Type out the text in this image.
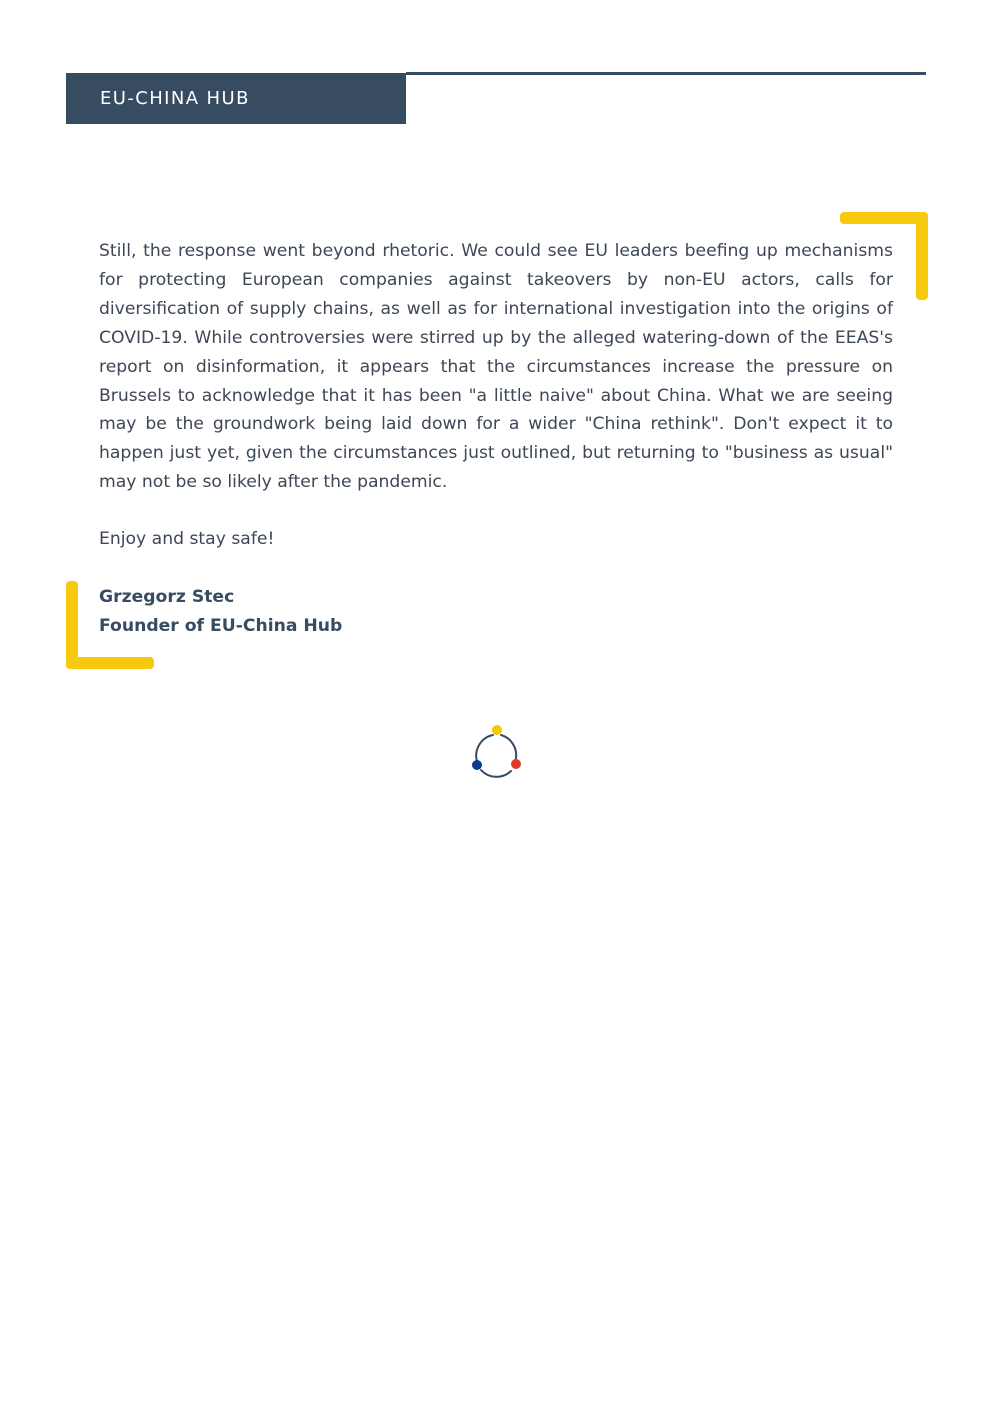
EU-CHINA HUB

Still, the response went beyond rhetoric. We could see EU leaders beefing up mechanisms for protecting European companies against takeovers by non-EU actors, calls for diversification of supply chains, as well as for international investigation into the origins of COVID-19. While controversies were stirred up by the alleged watering-down of the EEAS's report on disinformation, it appears that the circumstances increase the pressure on Brussels to acknowledge that it has been "a little naive" about China. What we are seeing may be the groundwork being laid down for a wider "China rethink". Don't expect it to happen just yet, given the circumstances just outlined, but returning to "business as usual" may not be so likely after the pandemic.

Enjoy and stay safe!

Grzegorz Stec
Founder of EU-China Hub
